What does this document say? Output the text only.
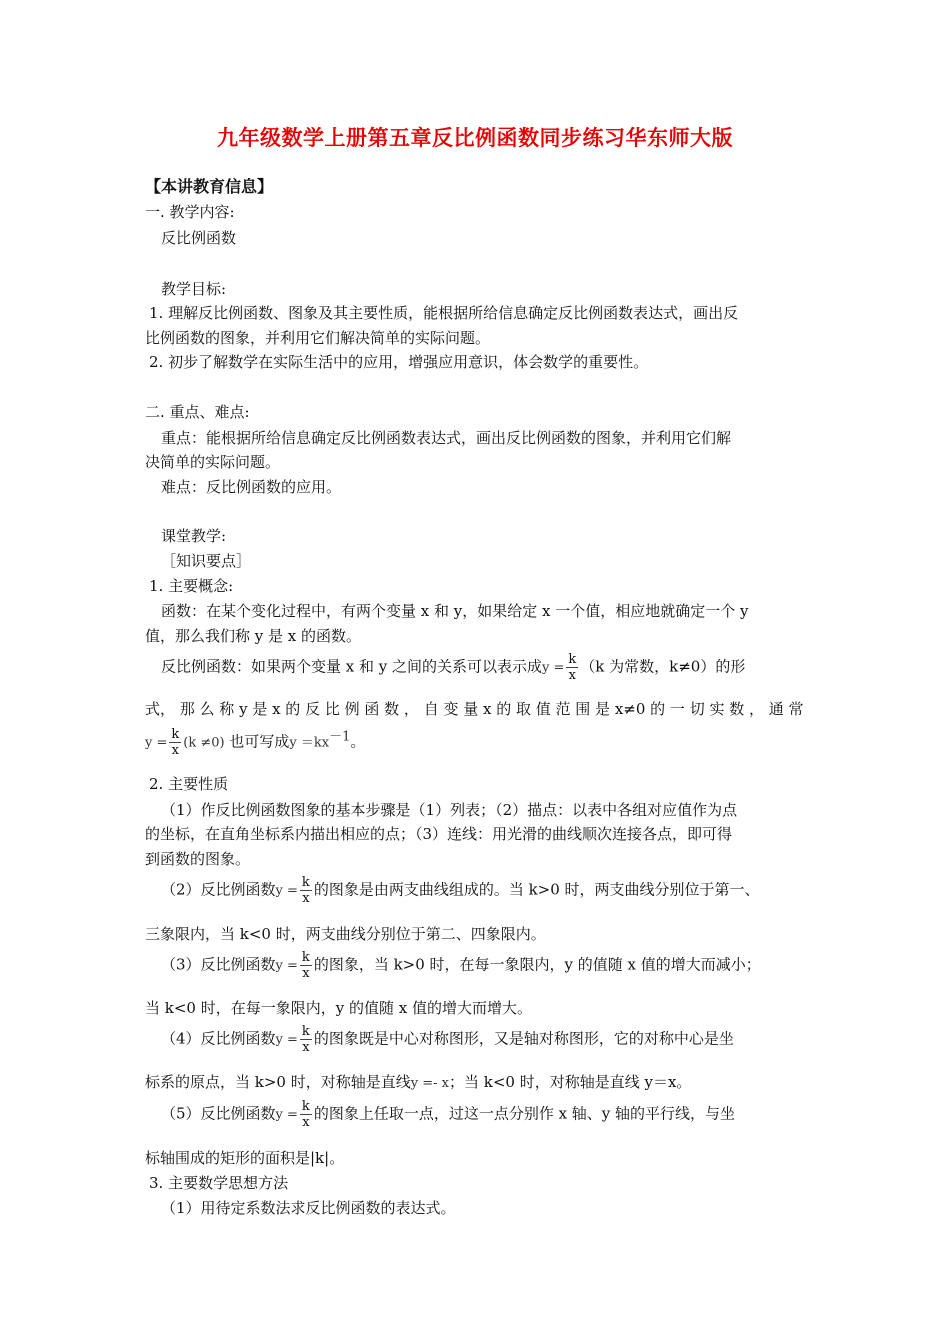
九年级数学上册第五章反比例函数同步练习华东师大版
【本讲教育信息】
一. 教学内容:
反比例函数
教学目标:
1. 理解反比例函数、图象及其主要性质，能根据所给信息确定反比例函数表达式，画出反
比例函数的图象，并利用它们解决简单的实际问题。
2. 初步了解数学在实际生活中的应用，增强应用意识，体会数学的重要性。
二. 重点、难点:
重点：能根据所给信息确定反比例函数表达式，画出反比例函数的图象，并利用它们解
决简单的实际问题。
难点：反比例函数的应用。
课堂教学:
［知识要点］
1. 主要概念:
函数：在某个变化过程中，有两个变量 x 和 y，如果给定 x 一个值，相应地就确定一个 y
值，那么我们称 y 是 x 的函数。
反比例函数：如果两个变量 x 和 y 之间的关系可以表示成$y = \frac{k}{x} (k$ 为常数，k≠0）的形
式， 那 么 称 y 是 x 的 反 比 例 函 数 ， 自 变 量 x 的 取 值 范 围 是 x≠0 的 一 切 实 数 ， 通 常
$y = \frac{k}{x} (k \ne 0)$ 也可写成$y =kx^{-1}$。
2. 主要性质
（1）作反比例函数图象的基本步骤是（1）列表；（2）描点：以表中各组对应值作为点
的坐标，在直角坐标系内描出相应的点；（3）连线：用光滑的曲线顺次连接各点，即可得
到函数的图象。
（2）反比例函数$y = \frac{k}{x}$ 的图象是由两支曲线组成的。当 k>0 时，两支曲线分别位于第一、
三象限内，当 k<0 时，两支曲线分别位于第二、四象限内。
（3）反比例函数$y = \frac{k}{x}$ 的图象，当 k>0 时，在每一象限内，y 的值随 x 值的增大而减小；
当 k<0 时，在每一象限内，y 的值随 x 值的增大而增大。
（4）反比例函数$y = \frac{k}{x}$ 的图象既是中心对称图形，又是轴对称图形，它的对称中心是坐
标系的原点，当 k>0 时，对称轴是直线y =- x；当 k<0 时，对称轴是直线 y＝x。
（5）反比例函数$y = \frac{k}{x}$ 的图象上任取一点，过这一点分别作 x 轴、y 轴的平行线，与坐
标轴围成的矩形的面积是|k|。
3. 主要数学思想方法
（1）用待定系数法求反比例函数的表达式。
